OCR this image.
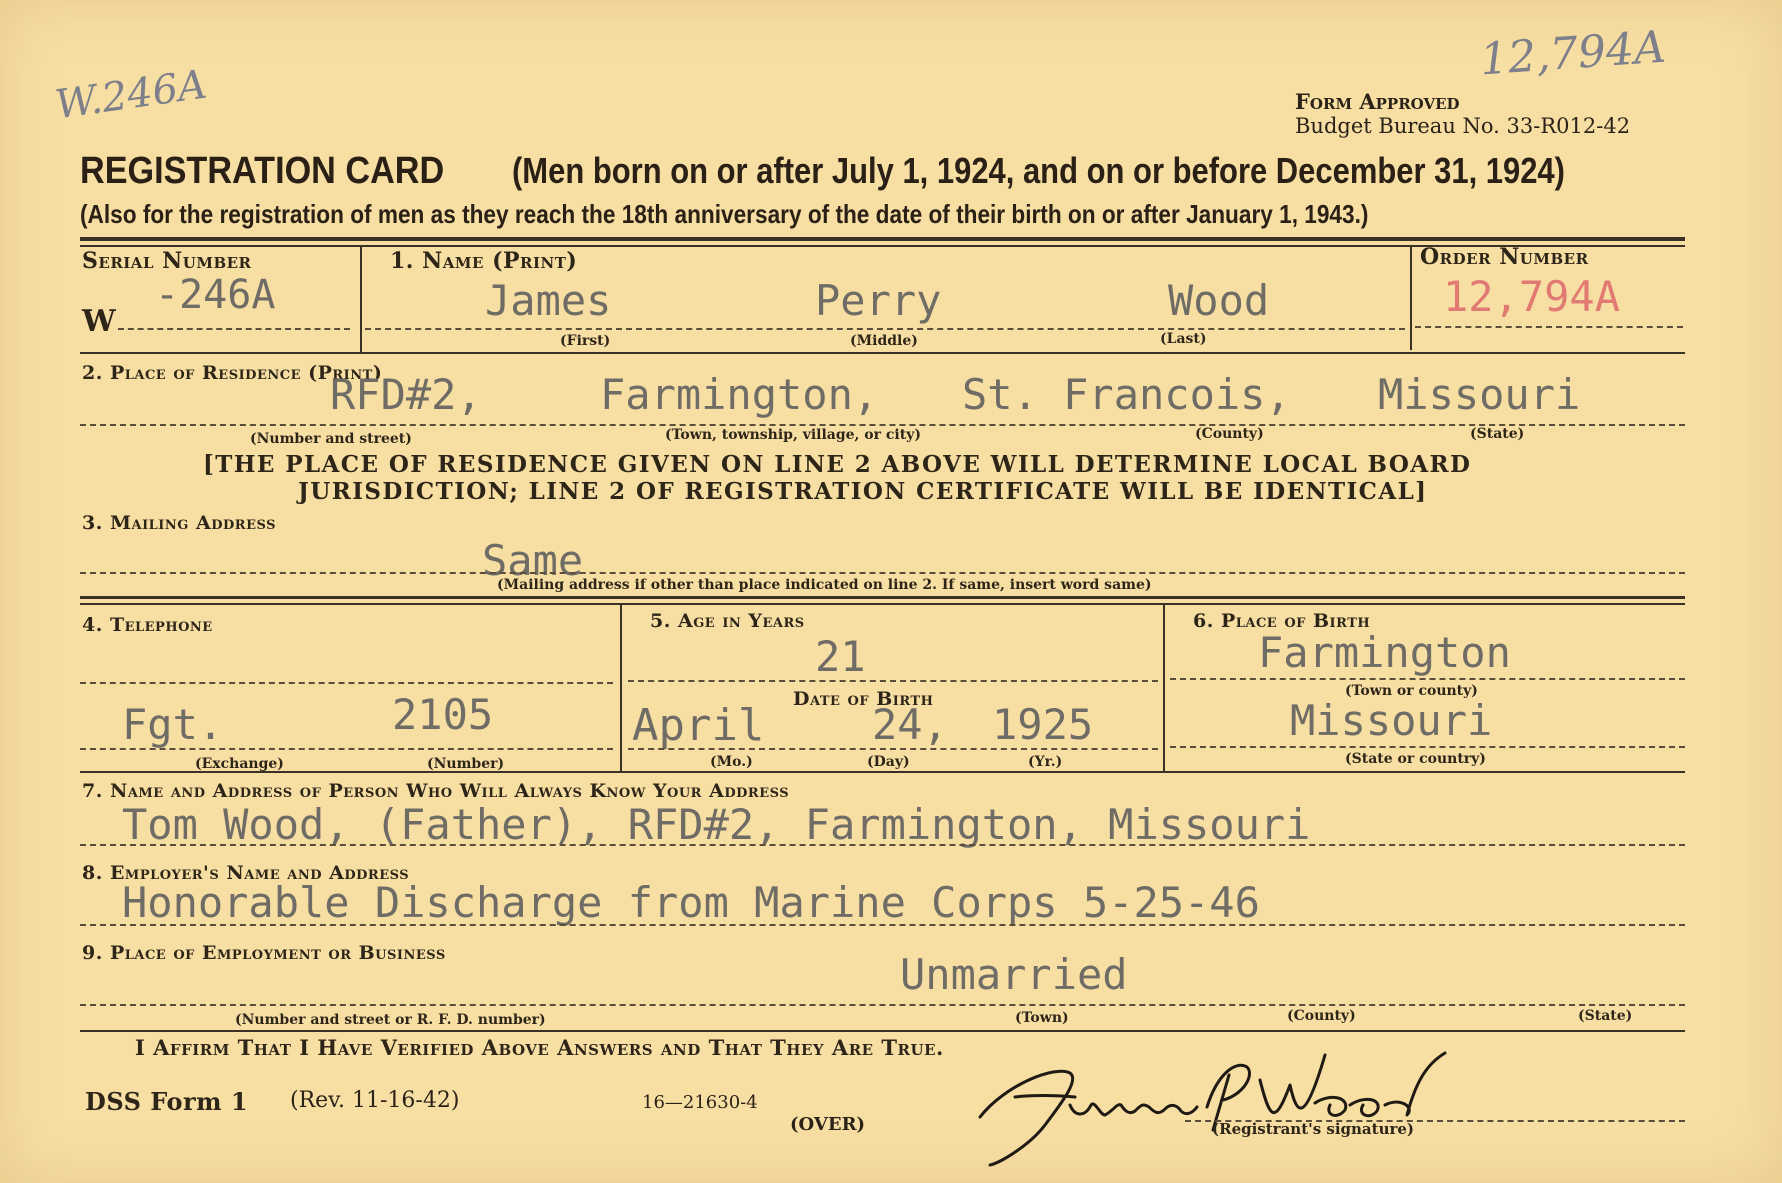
W.246A
12,794A
Form Approved
Budget Bureau No. 33-R012-42
REGISTRATION CARD (Men born on or after July 1, 1924, and on or before December 31, 1924)
(Also for the registration of men as they reach the 18th anniversary of the date of their birth on or after January 1, 1943.)
Serial Number
W
-246A
1. Name (Print)
James	Perry	Wood
(First)	(Middle)	(Last)
Order Number
12,794A
2. Place of Residence (Print)
RFD#2,	Farmington, St. Francois, Missouri
(Number and street)	(Town, township, village, or city)	(County)	(State)
[THE PLACE OF RESIDENCE GIVEN ON LINE 2 ABOVE WILL DETERMINE LOCAL BOARD
JURISDICTION; LINE 2 OF REGISTRATION CERTIFICATE WILL BE IDENTICAL]
3. Mailing Address
Same
(Mailing address if other than place indicated on line 2. If same, insert word same)
4. Telephone
Fgt.	2105
(Exchange)	(Number)
5. Age in Years
21
Date of Birth
April	24, 1925
(Mo.)	(Day)	(Yr.)
6. Place of Birth
Farmington
(Town or county)
Missouri
(State or country)
7. Name and Address of Person Who Will Always Know Your Address
Tom Wood, (Father), RFD#2, Farmington, Missouri
8. Employer's Name and Address
Honorable Discharge from Marine Corps 5-25-46
9. Place of Employment or Business	Unmarried
(Number and street or R. F. D. number)	(Town)	(County)	(State)
I Affirm That I Have Verified Above Answers and That They Are True.
DSS Form 1 (Rev. 11-16-42)	16—21630-4
(OVER)	(Registrant's signature)
